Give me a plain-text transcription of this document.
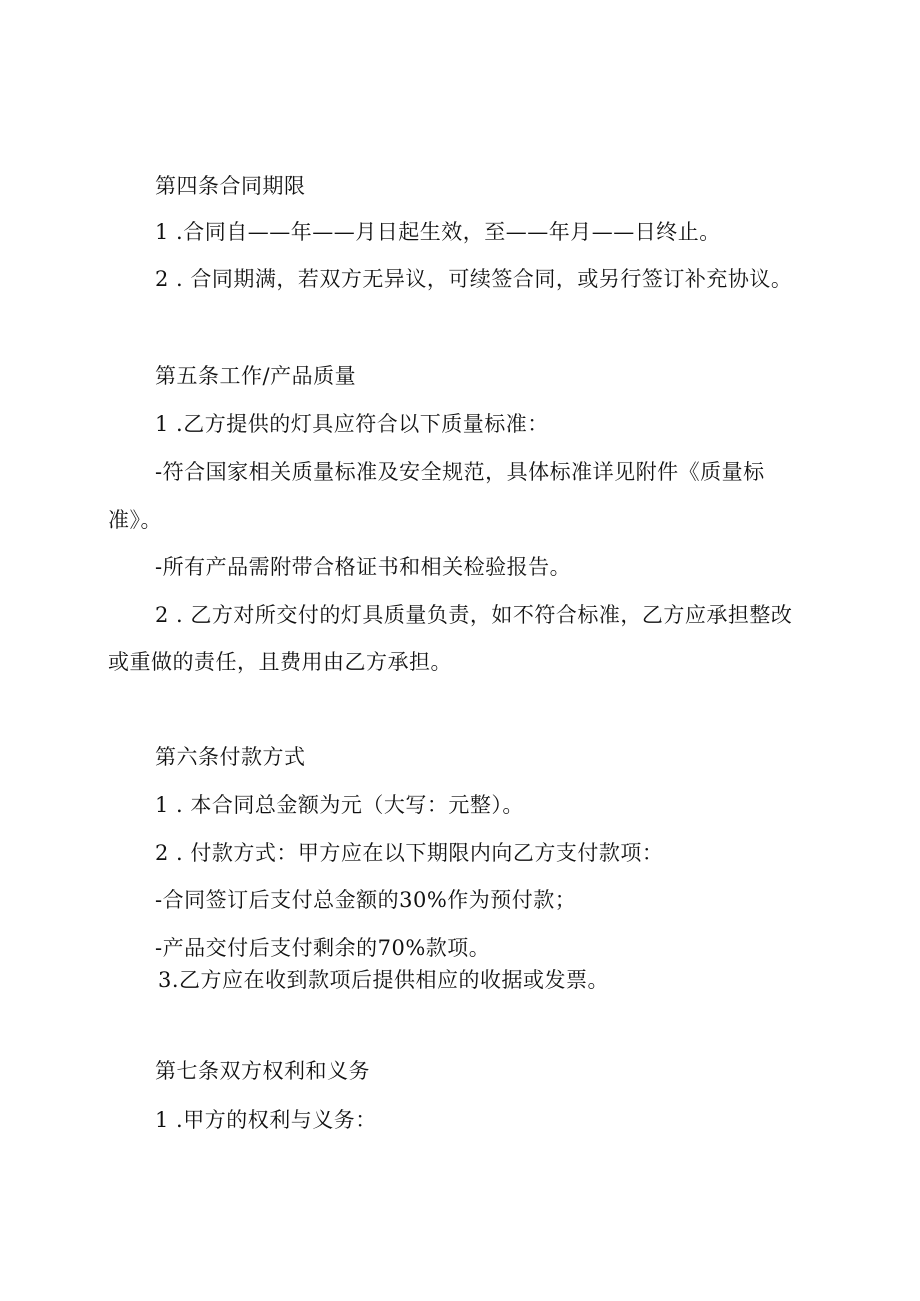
第四条合同期限
1 .合同自——年——月日起生效，至——年月——日终止。
2 . 合同期满，若双方无异议，可续签合同，或另行签订补充协议。
第五条工作/产品质量
1 .乙方提供的灯具应符合以下质量标准：
-符合国家相关质量标准及安全规范，具体标准详见附件《质量标
准》。
-所有产品需附带合格证书和相关检验报告。
2 . 乙方对所交付的灯具质量负责，如不符合标准，乙方应承担整改
或重做的责任，且费用由乙方承担。
第六条付款方式
1 . 本合同总金额为元（大写：元整）。
2 . 付款方式：甲方应在以下期限内向乙方支付款项：
-合同签订后支付总金额的30%作为预付款；
-产品交付后支付剩余的70%款项。
3.乙方应在收到款项后提供相应的收据或发票。
第七条双方权利和义务
1 .甲方的权利与义务：
